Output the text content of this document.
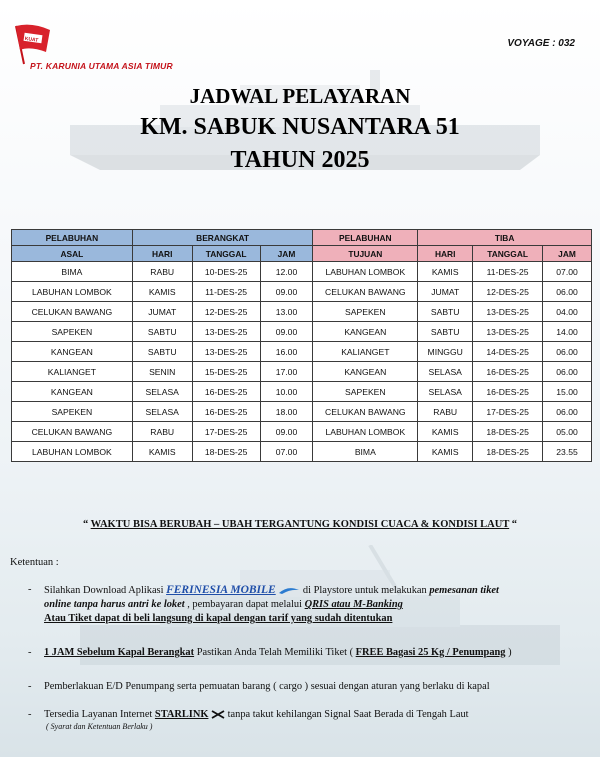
KUAT
PT. KARUNIA UTAMA ASIA TIMUR
VOYAGE : 032
JADWAL PELAYARAN
KM. SABUK NUSANTARA 51
TAHUN 2025
PELABUHAN	BERANGKAT			PELABUHAN	TIBA		
ASAL	HARI	TANGGAL	JAM	TUJUAN	HARI	TANGGAL	JAM
BIMA	RABU	10-DES-25	12.00	LABUHAN LOMBOK	KAMIS	11-DES-25	07.00
LABUHAN LOMBOK	KAMIS	11-DES-25	09.00	CELUKAN BAWANG	JUMAT	12-DES-25	06.00
CELUKAN BAWANG	JUMAT	12-DES-25	13.00	SAPEKEN	SABTU	13-DES-25	04.00
SAPEKEN	SABTU	13-DES-25	09.00	KANGEAN	SABTU	13-DES-25	14.00
KANGEAN	SABTU	13-DES-25	16.00	KALIANGET	MINGGU	14-DES-25	06.00
KALIANGET	SENIN	15-DES-25	17.00	KANGEAN	SELASA	16-DES-25	06.00
KANGEAN	SELASA	16-DES-25	10.00	SAPEKEN	SELASA	16-DES-25	15.00
SAPEKEN	SELASA	16-DES-25	18.00	CELUKAN BAWANG	RABU	17-DES-25	06.00
CELUKAN BAWANG	RABU	17-DES-25	09.00	LABUHAN LOMBOK	KAMIS	18-DES-25	05.00
LABUHAN LOMBOK	KAMIS	18-DES-25	07.00	BIMA	KAMIS	18-DES-25	23.55
“ WAKTU BISA BERUBAH – UBAH TERGANTUNG KONDISI CUACA & KONDISI LAUT “
Ketentuan :
- Silahkan Download Aplikasi FERINESIA MOBILE  di Playstore untuk melakukan pemesanan tiket
online tanpa harus antri ke loket , pembayaran dapat melalui QRIS atau M-Banking
Atau Tiket dapat di beli langsung di kapal dengan tarif yang sudah ditentukan
- 1 JAM Sebelum Kapal Berangkat Pastikan Anda Telah Memiliki Tiket ( FREE Bagasi 25 Kg / Penumpang )
- Pemberlakuan E/D Penumpang serta pemuatan barang ( cargo ) sesuai dengan aturan yang berlaku di kapal
- Tersedia Layanan Internet STARLINK  tanpa takut kehilangan Signal Saat Berada di Tengah Laut
( Syarat dan Ketentuan Berlaku )
